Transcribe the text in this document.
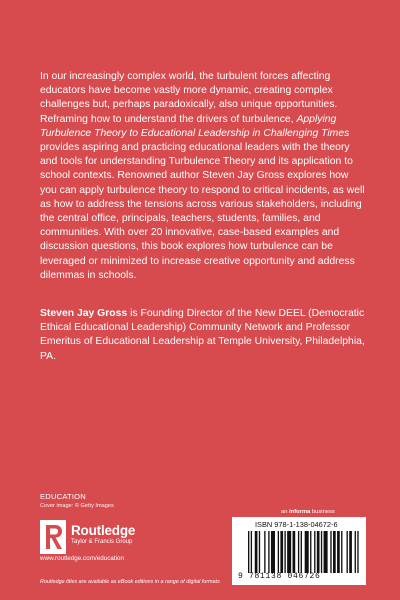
In our increasingly complex world, the turbulent forces affecting educators have become vastly more dynamic, creating complex challenges but, perhaps paradoxically, also unique opportunities. Reframing how to understand the drivers of turbulence, Applying Turbulence Theory to Educational Leadership in Challenging Times provides aspiring and practicing educational leaders with the theory and tools for understanding Turbulence Theory and its application to school contexts. Renowned author Steven Jay Gross explores how you can apply turbulence theory to respond to critical incidents, as well as how to address the tensions across various stakeholders, including the central office, principals, teachers, students, families, and communities. With over 20 innovative, case-based examples and discussion questions, this book explores how turbulence can be leveraged or minimized to increase creative opportunity and address dilemmas in schools.

Steven Jay Gross is Founding Director of the New DEEL (Democratic Ethical Educational Leadership) Community Network and Professor Emeritus of Educational Leadership at Temple University, Philadelphia, PA.

EDUCATION
Cover image: © Getty Images
Routledge
Taylor & Francis Group
www.routledge.com/education
an informa business
ISBN 978-1-138-04672-6
9 781138 046726
Routledge titles are available as eBook editions in a range of digital formats
